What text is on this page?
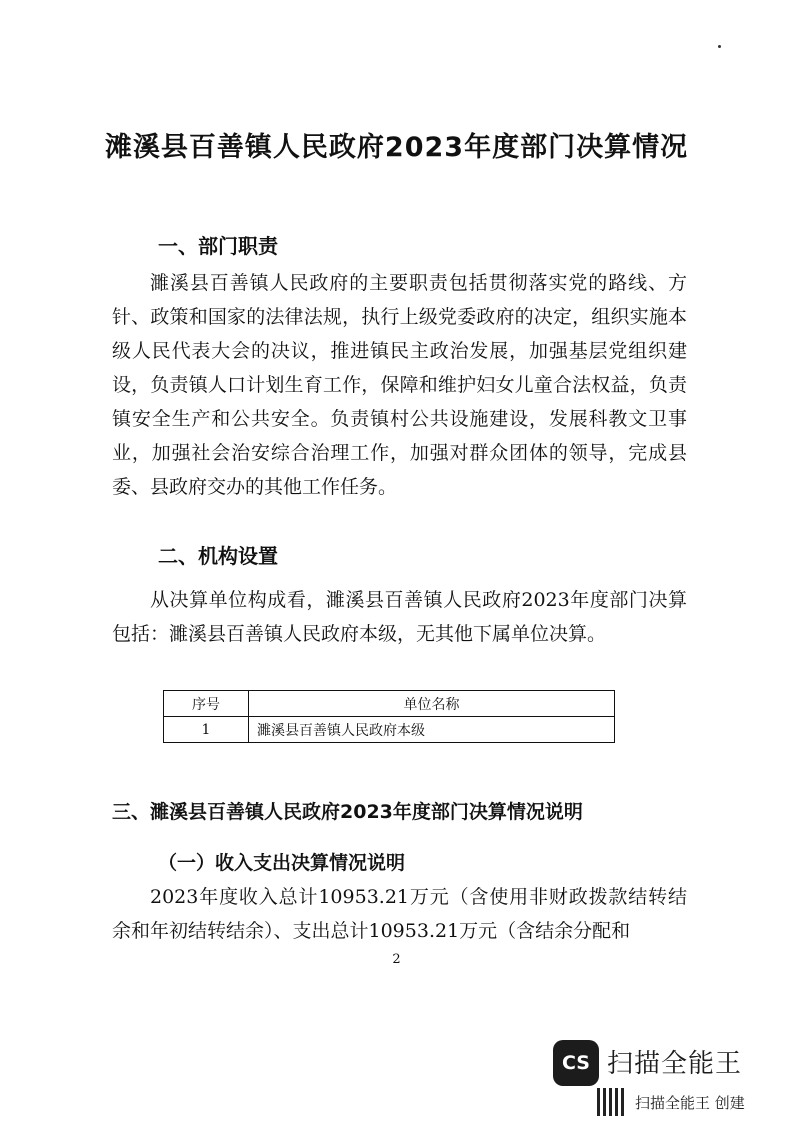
滩溪县百善镇人民政府2023年度部门决算情况
一、部门职责

濉溪县百善镇人民政府的主要职责包括贯彻落实党的路线、方针、政策和国家的法律法规，执行上级党委政府的决定，组织实施本级人民代表大会的决议，推进镇民主政治发展，加强基层党组织建设，负责镇人口计划生育工作，保障和维护妇女儿童合法权益，负责镇安全生产和公共安全。负责镇村公共设施建设，发展科教文卫事业，加强社会治安综合治理工作，加强对群众团体的领导，完成县委、县政府交办的其他工作任务。

二、机构设置

从决算单位构成看，濉溪县百善镇人民政府2023年度部门决算包括：濉溪县百善镇人民政府本级，无其他下属单位决算。

序号	单位名称
1	濉溪县百善镇人民政府本级
三、濉溪县百善镇人民政府2023年度部门决算情况说明
（一）收入支出决算情况说明

2023年度收入总计10953.21万元（含使用非财政拨款结转结余和年初结转结余）、支出总计10953.21万元（含结余分配和

2
CS 扫描全能王
扫描全能王 创建
